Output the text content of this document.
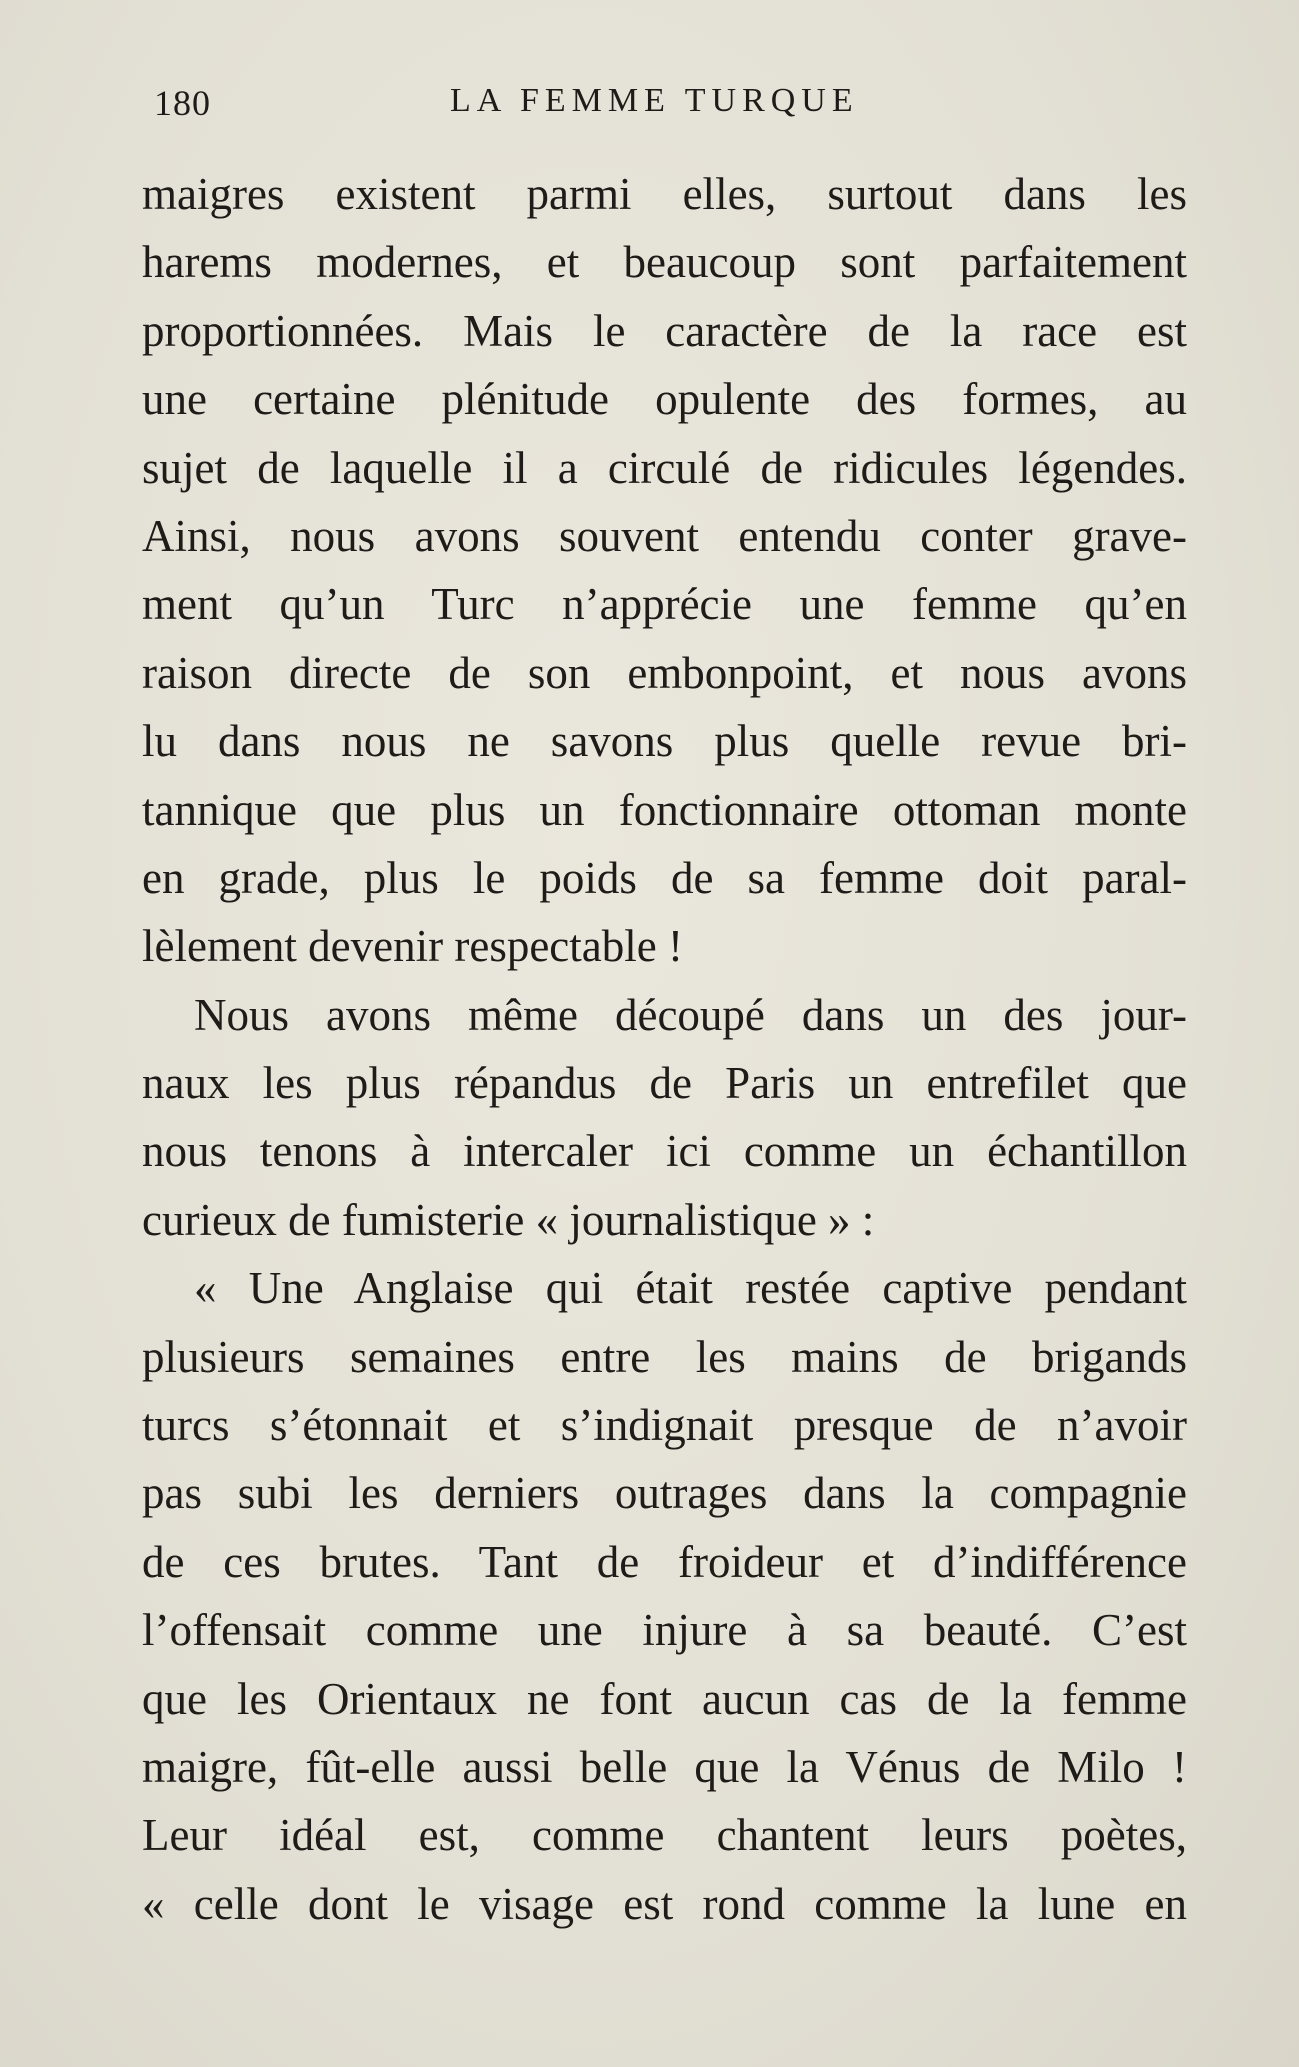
180	LA FEMME TURQUE
maigres existent parmi elles, surtout dans les
harems modernes, et beaucoup sont parfaitement
proportionnées. Mais le caractère de la race est
une certaine plénitude opulente des formes, au
sujet de laquelle il a circulé de ridicules légendes.
Ainsi, nous avons souvent entendu conter grave-
ment qu’un Turc n’apprécie une femme qu’en
raison directe de son embonpoint, et nous avons
lu dans nous ne savons plus quelle revue bri-
tannique que plus un fonctionnaire ottoman monte
en grade, plus le poids de sa femme doit paral-
lèlement devenir respectable !
Nous avons même découpé dans un des jour-
naux les plus répandus de Paris un entrefilet que
nous tenons à intercaler ici comme un échantillon
curieux de fumisterie « journalistique » :
« Une Anglaise qui était restée captive pendant
plusieurs semaines entre les mains de brigands
turcs s’étonnait et s’indignait presque de n’avoir
pas subi les derniers outrages dans la compagnie
de ces brutes. Tant de froideur et d’indifférence
l’offensait comme une injure à sa beauté. C’est
que les Orientaux ne font aucun cas de la femme
maigre, fût-elle aussi belle que la Vénus de Milo !
Leur idéal est, comme chantent leurs poètes,
« celle dont le visage est rond comme la lune en
